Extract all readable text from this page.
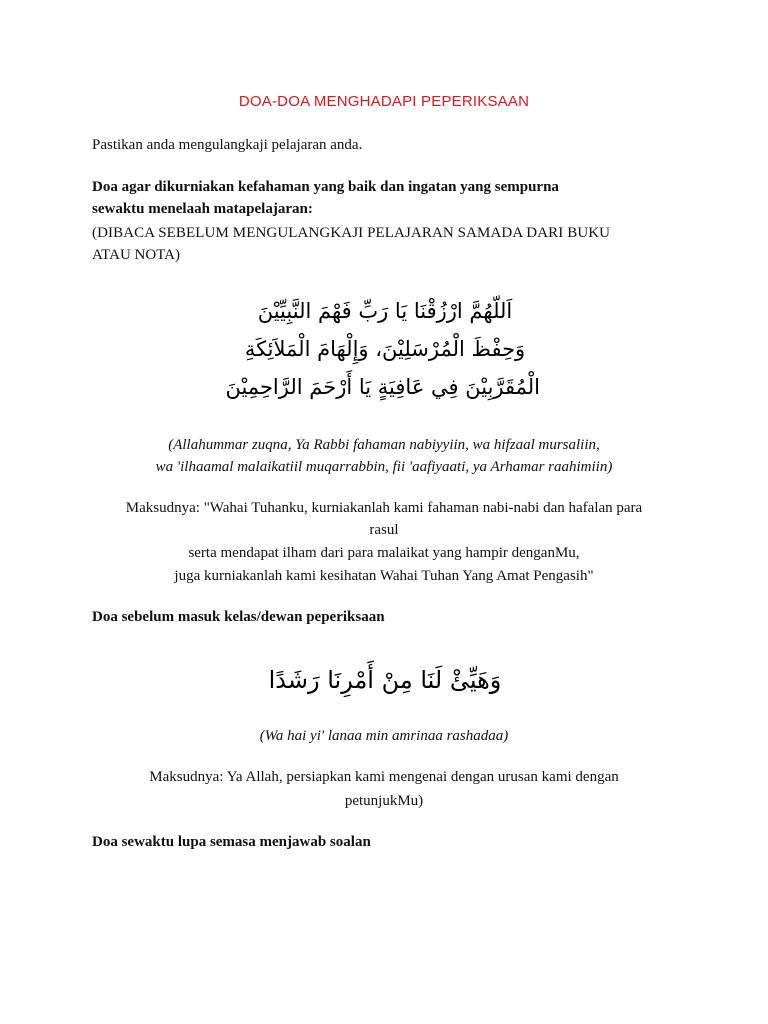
DOA-DOA MENGHADAPI PEPERIKSAAN
Pastikan anda mengulangkaji pelajaran anda.
Doa agar dikurniakan kefahaman yang baik dan ingatan yang sempurna
sewaktu menelaah matapelajaran:
(DIBACA SEBELUM MENGULANGKAJI PELAJARAN SAMADA DARI BUKU
ATAU NOTA)
اَللّهُمَّ ارْزُقْنَا يَا رَبِّ فَهْمَ النَّبِيِّيْنَ
وَحِفْظَ الْمُرْسَلِيْنَ، وَإِلْهَامَ الْمَلاَئِكَةِ
الْمُقَرَّبِيْنَ فِي عَافِيَةٍ يَا أَرْحَمَ الرَّاحِمِيْنَ
(Allahummar zuqna, Ya Rabbi fahaman nabiyyiin, wa hifzaal mursaliin,
wa 'ilhaamal malaikatiil muqarrabbin, fii 'aafiyaati, ya Arhamar raahimiin)
Maksudnya: "Wahai Tuhanku, kurniakanlah kami fahaman nabi-nabi dan hafalan para
rasul
serta mendapat ilham dari para malaikat yang hampir denganMu,
juga kurniakanlah kami kesihatan Wahai Tuhan Yang Amat Pengasih"
Doa sebelum masuk kelas/dewan peperiksaan
وَهَيِّئْ لَنَا مِنْ أَمْرِنَا رَشَدًا
(Wa hai yi' lanaa min amrinaa rashadaa)
Maksudnya: Ya Allah, persiapkan kami mengenai dengan urusan kami dengan
petunjukMu)
Doa sewaktu lupa semasa menjawab soalan
